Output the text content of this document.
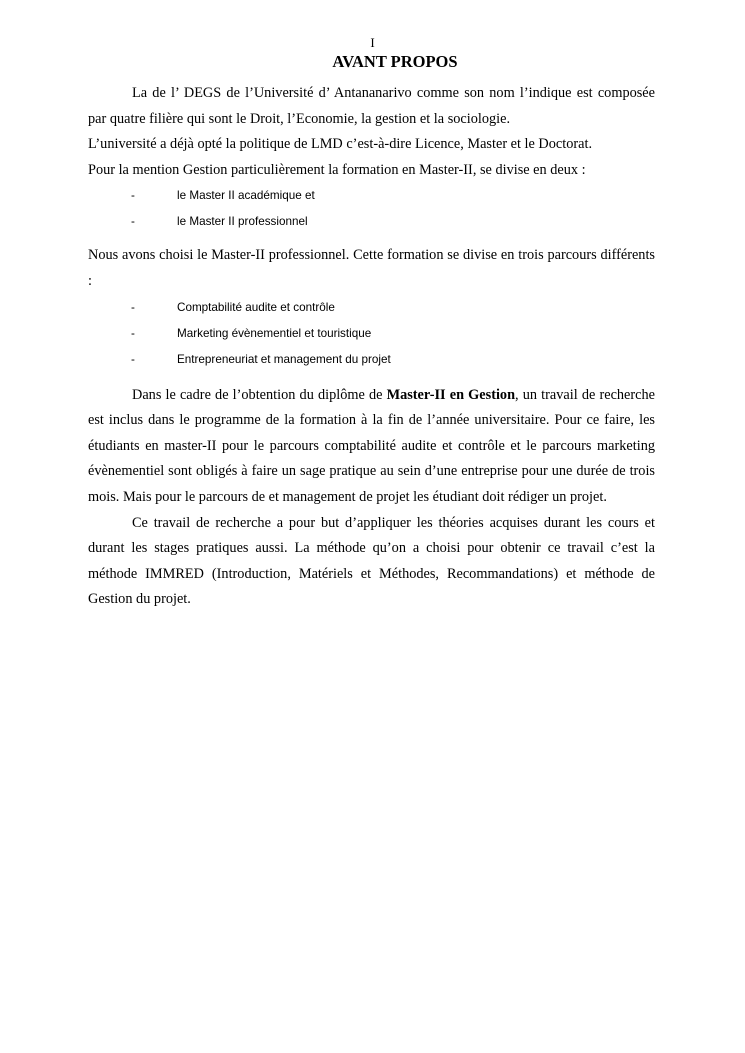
I
AVANT PROPOS

La de l’ DEGS de l’Université d’ Antananarivo comme son nom l’indique est composée par quatre filière qui sont le Droit, l’Economie, la gestion et la sociologie.

L’université a déjà opté la politique de LMD c’est-à-dire Licence, Master et le Doctorat.

Pour la mention Gestion particulièrement la formation en Master-II, se divise en deux :

-	le Master II académique et
-	le Master II professionnel

Nous avons choisi le Master-II professionnel. Cette formation se divise en trois parcours différents :

-	Comptabilité audite et contrôle
-	Marketing évènementiel et touristique
-	Entrepreneuriat et management du projet

Dans le cadre de l’obtention du diplôme de Master-II en Gestion, un travail de recherche est inclus dans le programme de la formation à la fin de l’année universitaire. Pour ce faire, les étudiants en master-II pour le parcours comptabilité audite et contrôle et le parcours marketing évènementiel sont obligés à faire un sage pratique au sein d’une entreprise pour une durée de trois mois. Mais pour le parcours de et management de projet les étudiant doit rédiger un projet.

Ce travail de recherche a pour but d’appliquer les théories acquises durant les cours et durant les stages pratiques aussi. La méthode qu’on a choisi pour obtenir ce travail c’est la méthode IMMRED (Introduction, Matériels et Méthodes, Recommandations) et méthode de Gestion du projet.
